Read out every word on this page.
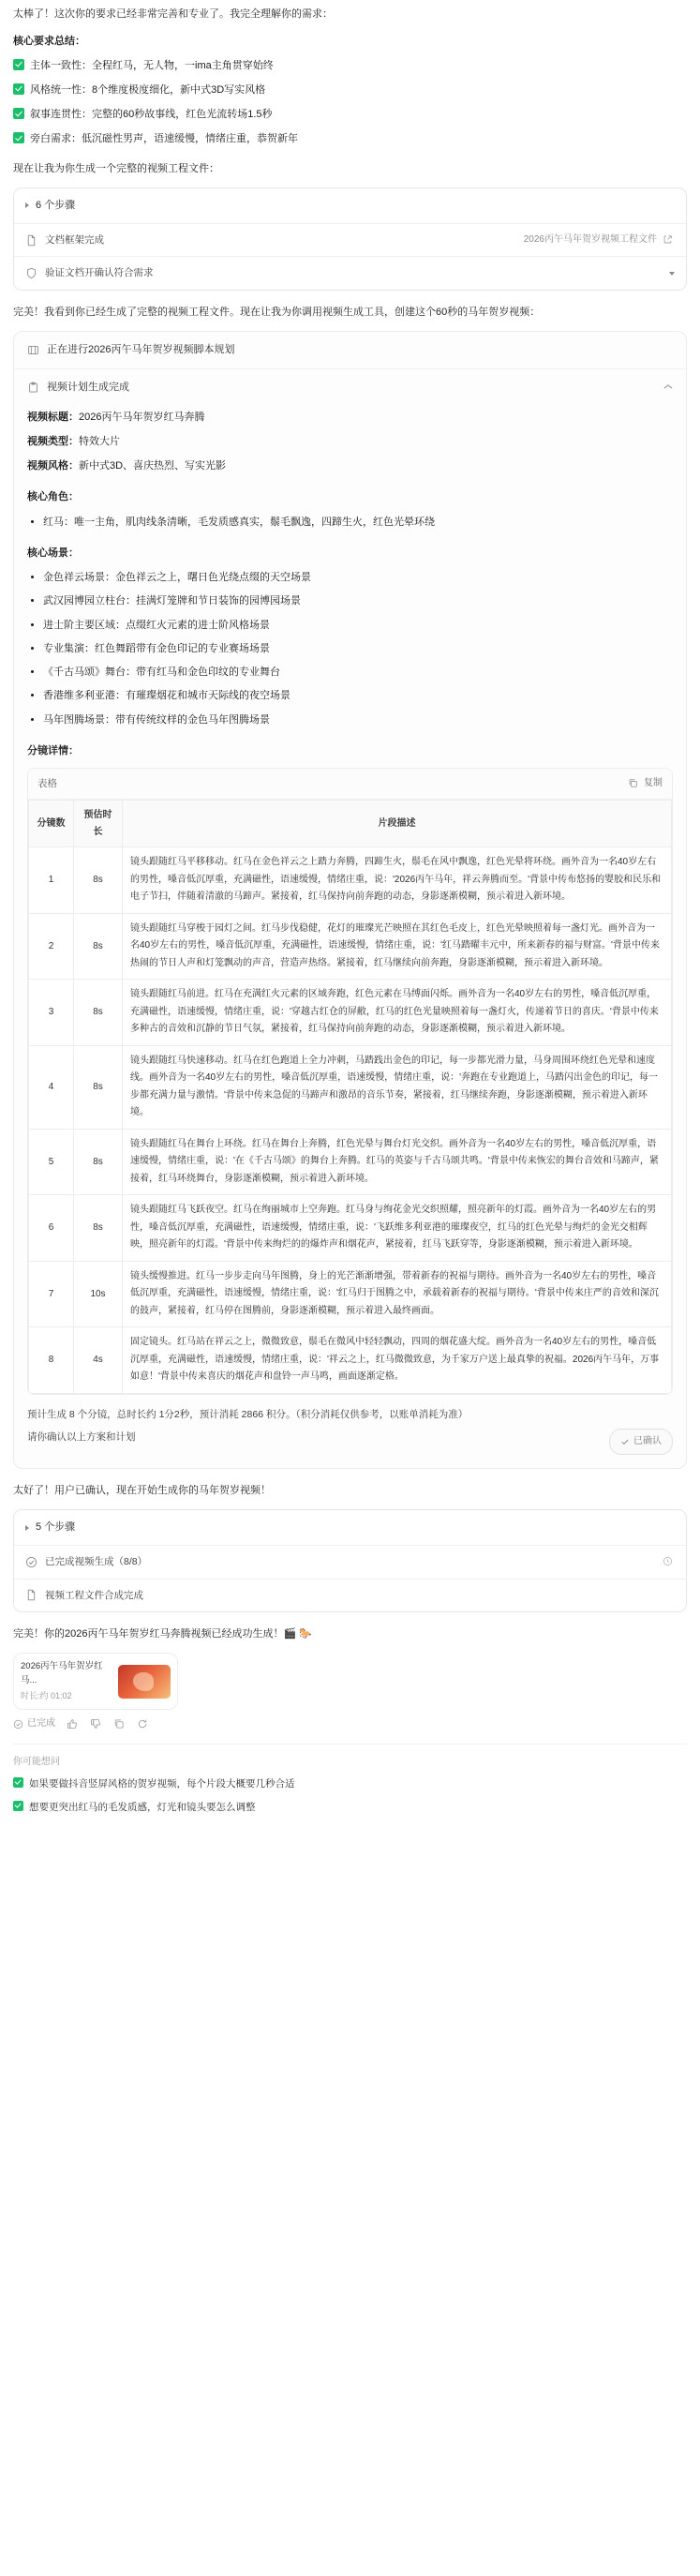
太棒了！这次你的要求已经非常完善和专业了。我完全理解你的需求：

核心要求总结：
主体一致性：全程红马，无人物，一ima主角贯穿始终
风格统一性：8个维度极度细化，新中式3D写实风格
叙事连贯性：完整的60秒故事线，红色光流转场1.5秒
旁白需求：低沉磁性男声，语速缓慢，情绪庄重，恭贺新年

现在让我为你生成一个完整的视频工程文件：

6 个步骤
文档框架完成	2026丙午马年贺岁视频工程文件
验证文档开确认符合需求

完美！我看到你已经生成了完整的视频工程文件。现在让我为你调用视频生成工具，创建这个60秒的马年贺岁视频：

正在进行2026丙午马年贺岁视频脚本规划
视频计划生成完成
视频标题：2026丙午马年贺岁红马奔腾
视频类型：特效大片
视频风格：新中式3D、喜庆热烈、写实光影
核心角色：
• 红马：唯一主角，肌肉线条清晰，毛发质感真实，鬃毛飘逸，四蹄生火，红色光晕环绕
核心场景：
• 金色祥云场景：金色祥云之上，曙日色光绕点缀的天空场景
• 武汉园博园立柱台：挂满灯笼牌和节日装饰的园博园场景
• 进士阶主要区域：点缀红火元素的进士阶风格场景
• 专业集演：红色舞蹈带有金色印记的专业赛场场景
• 《千古马颂》舞台：带有红马和金色印纹的专业舞台
• 香港维多利亚港：有璀璨烟花和城市天际线的夜空场景
• 马年图腾场景：带有传统纹样的金色马年图腾场景
分镜详情：
表格	复制
分镜数	预估时长	片段描述
1	8s	镜头跟随红马平移移动。红马在金色祥云之上踏力奔腾，四蹄生火，鬃毛在风中飘逸，红色光晕将环绕。画外音为一名40岁左右的男性，嗓音低沉厚重，充满磁性，语速缓慢，情绪庄重，说：'2026丙午马年，祥云奔腾而至。'背景中传布悠扬的婴胶和民乐和电子节扫，伴随着清澈的马蹄声。紧接着，红马保持向前奔跑的动态，身影逐渐模糊，预示着进入新环境。
2	8s	镜头跟随红马穿梭于园灯之间。红马步伐稳健，花灯的璀璨光芒映照在其红色毛皮上，红色光晕映照着每一盏灯光。画外音为一名40岁左右的男性，嗓音低沉厚重，充满磁性，语速缓慢，情绪庄重，说：'红马踏曜丰元中，所来新春的福与财富。'背景中传来热闹的节日人声和灯笼飘动的声音，营造声热络。紧接着，红马继续向前奔跑，身影逐渐模糊，预示着进入新环境。
3	8s	镜头跟随红马前进。红马在充满红火元素的区域奔跑，红色元素在马缚面闪烁。画外音为一名40岁左右的男性，嗓音低沉厚重，充满磁性，语速缓慢，情绪庄重，说：'穿越古红仓的屏敝，红马的红色光量映照着每一盏灯火，传递着节日的喜庆。'背景中传来多种古的音效和沉静的节日气氛，紧接着，红马保持向前奔跑的动态，身影逐渐模糊，预示着进入新环境。
4	8s	镜头跟随红马快速移动。红马在红色跑道上全力冲刺，马踏践出金色的印记，每一步都光滑力量，马身周围环绕红色光晕和速度线。画外音为一名40岁左右的男性，嗓音低沉厚重，语速缓慢，情绪庄重，说：'奔跑在专业跑道上，马踏闪出金色的印记，每一步都充满力量与激情。'背景中传来急促的马蹄声和激昂的音乐节奏，紧接着，红马继续奔跑，身影逐渐模糊，预示着进入新环境。
5	8s	镜头跟随红马在舞台上环绕。红马在舞台上奔腾，红色光晕与舞台灯光交织。画外音为一名40岁左右的男性，嗓音低沉厚重，语速缓慢，情绪庄重，说：'在《千古马颂》的舞台上奔腾。红马的英姿与千古马颂共鸣。'背景中传来恢宏的舞台音效和马蹄声，紧接着，红马环绕舞台，身影逐渐模糊，预示着进入新环境。
6	8s	镜头跟随红马飞跃夜空。红马在绚丽城市上空奔跑。红马身与绚花金光交织照耀，照亮新年的灯霞。画外音为一名40岁左右的男性，嗓音低沉厚重，充满磁性，语速缓慢，情绪庄重，说：'飞跃维多利亚港的璀璨夜空，红马的红色光晕与绚烂的金光交相辉映，照亮新年的灯霞。'背景中传来绚烂的的爆炸声和烟花声，紧接着，红马飞跃穿等，身影逐渐模糊，预示着进入新环境。
7	10s	镜头缓慢推进。红马一步步走向马年图腾，身上的光芒渐渐增强，带着新春的祝福与期待。画外音为一名40岁左右的男性，嗓音低沉厚重，充满磁性，语速缓慢，情绪庄重，说：'红马归于图腾之中，承载着新春的祝福与期待。'背景中传来庄严的音效和深沉的鼓声，紧接着，红马停在图腾前，身影逐渐模糊，预示着进入最终画面。
8	4s	固定镜头。红马站在祥云之上，微微致意，鬃毛在微风中轻轻飘动，四周的烟花盛大绽。画外音为一名40岁左右的男性，嗓音低沉厚重，充满磁性，语速缓慢，情绪庄重，说：'祥云之上，红马微微致意，为千家万户送上最真挚的祝福。2026丙午马年，万事如意！'背景中传来喜庆的烟花声和盘铃一声马鸣，画面逐渐定格。
预计生成 8 个分镜，总时长约 1分2秒，预计消耗 2866 积分。（积分消耗仅供参考，以账单消耗为准）
请你确认以上方案和计划	已确认

太好了！用户已确认，现在开始生成你的马年贺岁视频！

5 个步骤
已完成视频生成（8/8）
视频工程文件合成完成

完美！你的2026丙午马年贺岁红马奔腾视频已经成功生成！🎬 🐎

2026丙午马年贺岁红马...
时长:约 01:02
已完成
你可能想问
如果要做抖音竖屏风格的贺岁视频，每个片段大概要几秒合适
想要更突出红马的毛发质感，灯光和镜头要怎么调整
